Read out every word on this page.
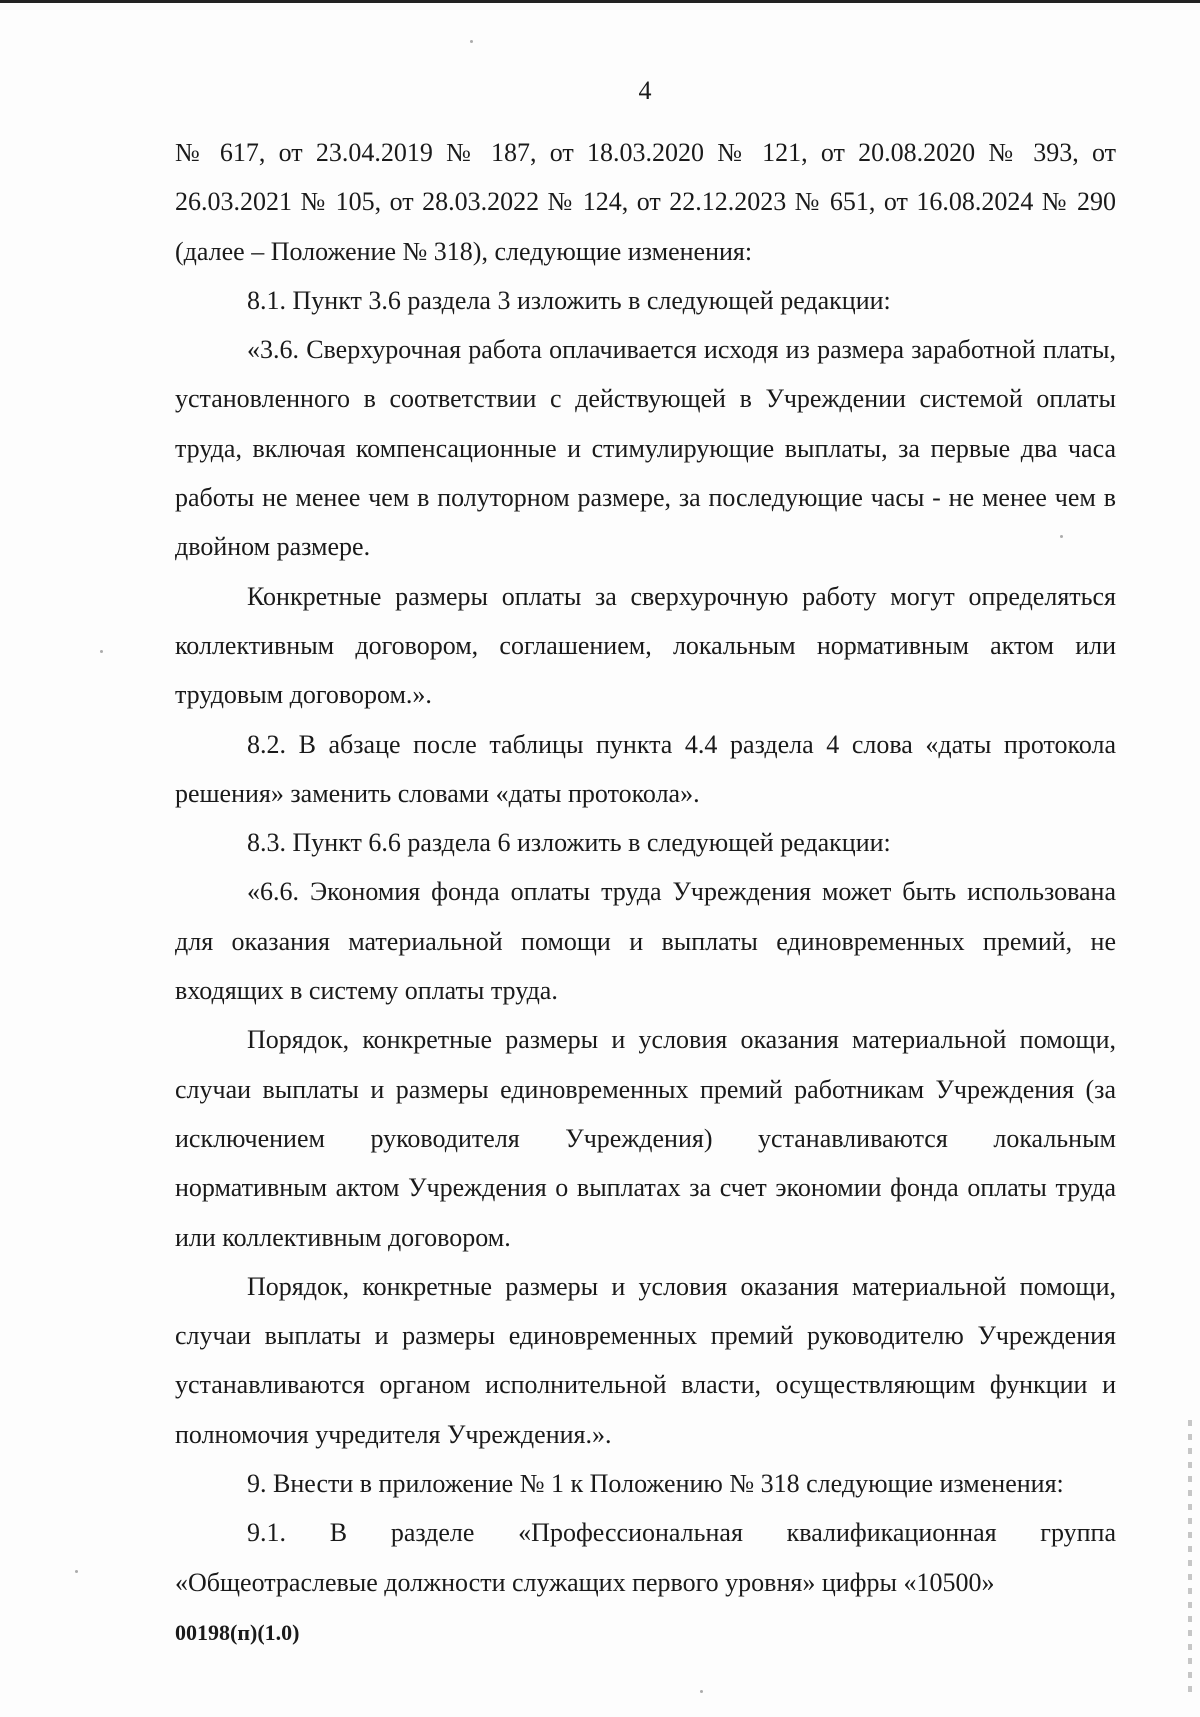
4

№ 617, от 23.04.2019 № 187, от 18.03.2020 № 121, от 20.08.2020 № 393, от 26.03.2021 № 105, от 28.03.2022 № 124, от 22.12.2023 № 651, от 16.08.2024 № 290 (далее – Положение № 318), следующие изменения:

8.1. Пункт 3.6 раздела 3 изложить в следующей редакции:

«3.6. Сверхурочная работа оплачивается исходя из размера заработной платы, установленного в соответствии с действующей в Учреждении системой оплаты труда, включая компенсационные и стимулирующие выплаты, за первые два часа работы не менее чем в полуторном размере, за последующие часы - не менее чем в двойном размере.

Конкретные размеры оплаты за сверхурочную работу могут определяться коллективным договором, соглашением, локальным нормативным актом или трудовым договором.».

8.2. В абзаце после таблицы пункта 4.4 раздела 4 слова «даты протокола решения» заменить словами «даты протокола».

8.3. Пункт 6.6 раздела 6 изложить в следующей редакции:

«6.6. Экономия фонда оплаты труда Учреждения может быть использована для оказания материальной помощи и выплаты единовременных премий, не входящих в систему оплаты труда.

Порядок, конкретные размеры и условия оказания материальной помощи, случаи выплаты и размеры единовременных премий работникам Учреждения (за исключением руководителя Учреждения) устанавливаются локальным нормативным актом Учреждения о выплатах за счет экономии фонда оплаты труда или коллективным договором.

Порядок, конкретные размеры и условия оказания материальной помощи, случаи выплаты и размеры единовременных премий руководителю Учреждения устанавливаются органом исполнительной власти, осуществляющим функции и полномочия учредителя Учреждения.».

9. Внести в приложение № 1 к Положению № 318 следующие изменения:

9.1. В разделе «Профессиональная квалификационная группа «Общеотраслевые должности служащих первого уровня» цифры «10500»

00198(п)(1.0)
